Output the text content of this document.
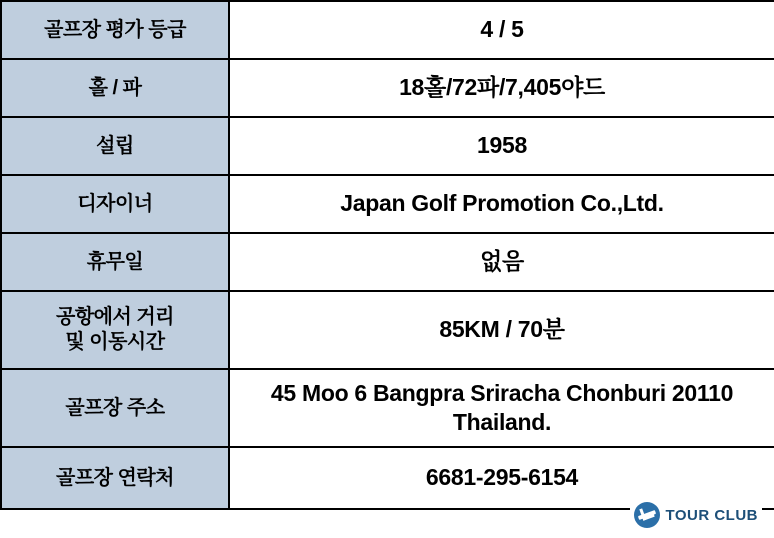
골프장 평가 등급	4 / 5
홀 / 파	18홀/72파/7,405야드
설립	1958
디자이너	Japan Golf Promotion Co.,Ltd.
휴무일	없음
공항에서 거리
및 이동시간	85KM / 70분
골프장 주소	45 Moo 6 Bangpra Sriracha Chonburi 20110 Thailand.
골프장 연락처	6681-295-6154
TOUR CLUB
